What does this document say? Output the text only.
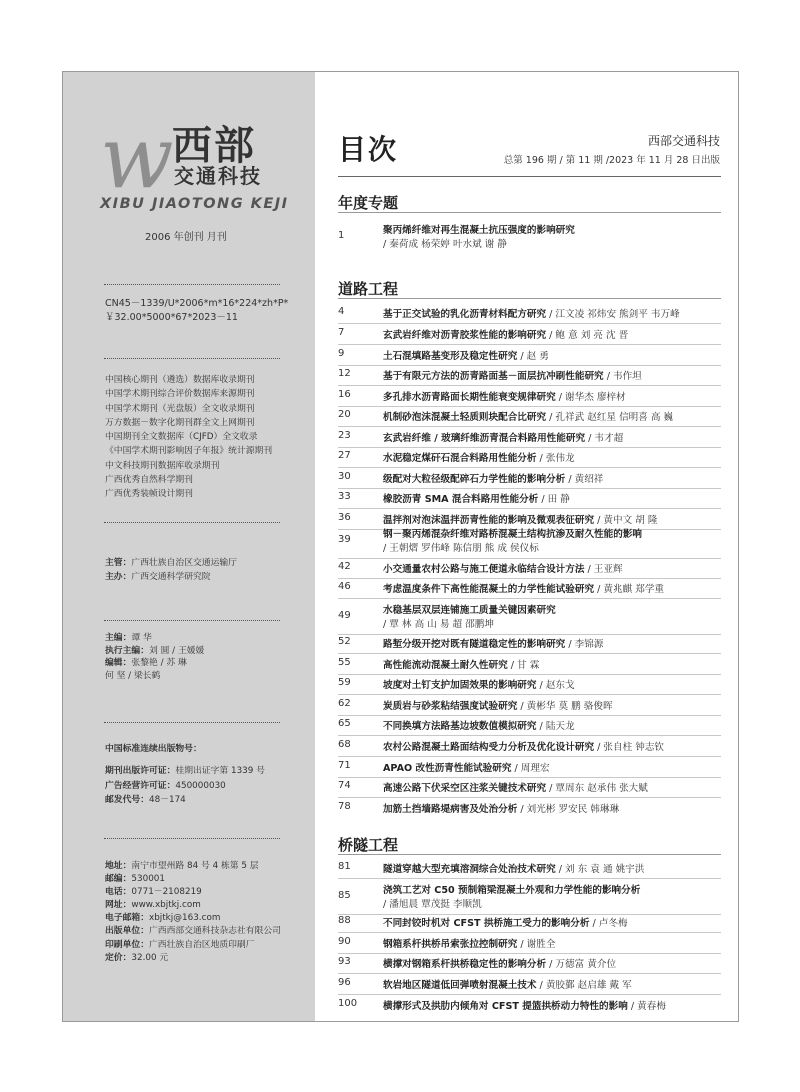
w 西部
交通科技
XIBU JIAOTONG KEJI
2006 年创刊 月刊
CN45－1339/U*2006*m*16*224*zh*P*
￥32.00*5000*67*2023－11
中国核心期刊（遴选）数据库收录期刊
中国学术期刊综合评价数据库来源期刊
中国学术期刊（光盘版）全文收录期刊
万方数据－数字化期刊群全文上网期刊
中国期刊全文数据库（CJFD）全文收录
《中国学术期刊影响因子年报》统计源期刊
中文科技期刊数据库收录期刊
广西优秀自然科学期刊
广西优秀装帧设计期刊
主管：广西壮族自治区交通运输厅
主办：广西交通科学研究院
主编：谭 华
执行主编：刘 圆 / 王媛媛
编辑：张黎艳 / 苏 琳
何 坚 / 梁长鹤
中国标准连续出版物号：
期刊出版许可证：桂期出证字第 1339 号
广告经营许可证：450000030
邮发代号：48－174
地址：南宁市望州路 84 号 4 栋第 5 层
邮编：530001
电话：0771－2108219
网址：www.xbjtkj.com
电子邮箱：xbjtkj@163.com
出版单位：广西西部交通科技杂志社有限公司
印刷单位：广西壮族自治区地质印刷厂
定价：32.00 元
目次	西部交通科技
总第 196 期 / 第 11 期 /2023 年 11 月 28 日出版
年度专题
1	聚丙烯纤维对再生混凝土抗压强度的影响研究
/ 秦荷成 杨荣婷 叶水斌 谢 静
道路工程
4	基于正交试验的乳化沥青材料配方研究 / 江文凌 祁炜安 熊剑平 韦万峰
7	玄武岩纤维对沥青胶浆性能的影响研究 / 鲍 意 刘 亮 沈 晋
9	土石混填路基变形及稳定性研究 / 赵 勇
12	基于有限元方法的沥青路面基－面层抗冲刷性能研究 / 韦作坦
16	多孔排水沥青路面长期性能衰变规律研究 / 谢华杰 廖梓材
20	机制砂泡沫混凝土轻质则块配合比研究 / 孔祥武 赵红星 信明喜 高 巍
23	玄武岩纤维 / 玻璃纤维沥青混合料路用性能研究 / 韦才超
27	水泥稳定煤矸石混合料路用性能分析 / 张伟龙
30	级配对大粒径级配碎石力学性能的影响分析 / 黄绍祥
33	橡胶沥青 SMA 混合料路用性能分析 / 田 静
36	温拌剂对泡沫温拌沥青性能的影响及微观表征研究 / 黄中文 胡 隆
39	钢－聚丙烯混杂纤维对路桥混凝土结构抗渗及耐久性能的影响
/ 王朝熠 罗伟峰 陈信朋 熊 成 侯仪标
42	小交通量农村公路与施工便道永临结合设计方法 / 王亚辉
46	考虑温度条件下高性能混凝土的力学性能试验研究 / 黄兆麒 郑学重
49	水稳基层双层连铺施工质量关键因素研究
/ 覃 林 高 山 易 超 邵鹏坤
52	路堑分级开挖对既有隧道稳定性的影响研究 / 李锦源
55	高性能流动混凝土耐久性研究 / 甘 霖
59	坡度对土钉支护加固效果的影响研究 / 赵东戈
62	炭质岩与砂浆粘结强度试验研究 / 黄彬华 莫 鹏 骆俊晖
65	不同换填方法路基边坡数值模拟研究 / 陆天龙
68	农村公路混凝土路面结构受力分析及优化设计研究 / 张自柱 钟志钦
71	APAO 改性沥青性能试验研究 / 周理宏
74	高速公路下伏采空区注浆关键技术研究 / 覃周东 赵承伟 张大赋
78	加筋土挡墙路堤病害及处治分析 / 刘光彬 罗安民 韩琳琳
桥隧工程
81	隧道穿越大型充填溶洞综合处治技术研究 / 刘 东 袁 通 姚宇洪
85	浇筑工艺对 C50 预制箱梁混凝土外观和力学性能的影响分析
/ 潘旭晨 覃茂挺 李顺凯
88	不同封铰时机对 CFST 拱桥施工受力的影响分析 / 卢冬梅
90	钢箱系杆拱桥吊索张拉控制研究 / 谢胜全
93	横撑对钢箱系杆拱桥稳定性的影响分析 / 万德富 黄介位
96	软岩地区隧道低回弹喷射混凝土技术 / 黄胶鄞 赵启雄 戴 军
100	横撑形式及拱肋内倾角对 CFST 提篮拱桥动力特性的影响 / 黄春梅
